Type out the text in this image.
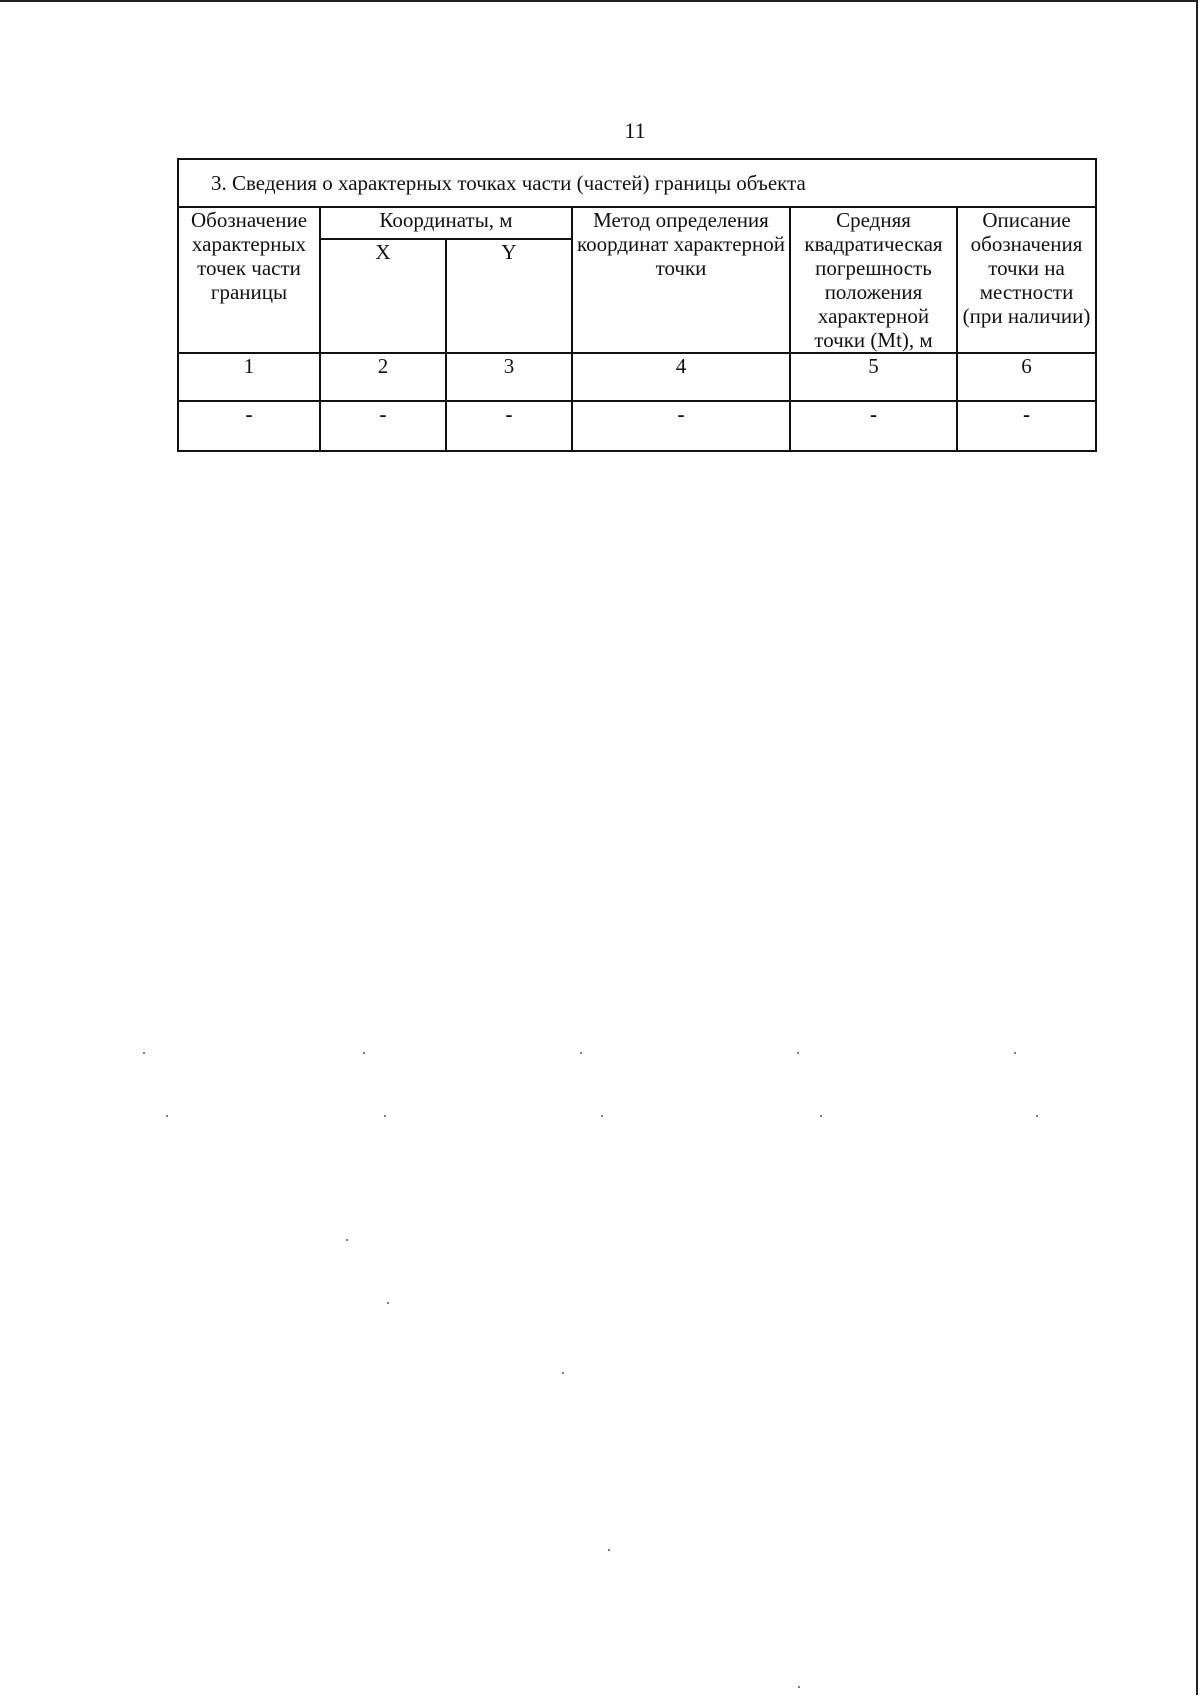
11
3. Сведения о характерных точках части (частей) границы объекта					
Обозначение характерных точек части границы	Координаты, м		Метод определения координат характерной точки	Средняя квадратическая погрешность положения характерной точки (Mt), м	Описание обозначения точки на местности (при наличии)
	X	Y			
1	2	3	4	5	6
-	-	-	-	-	-
